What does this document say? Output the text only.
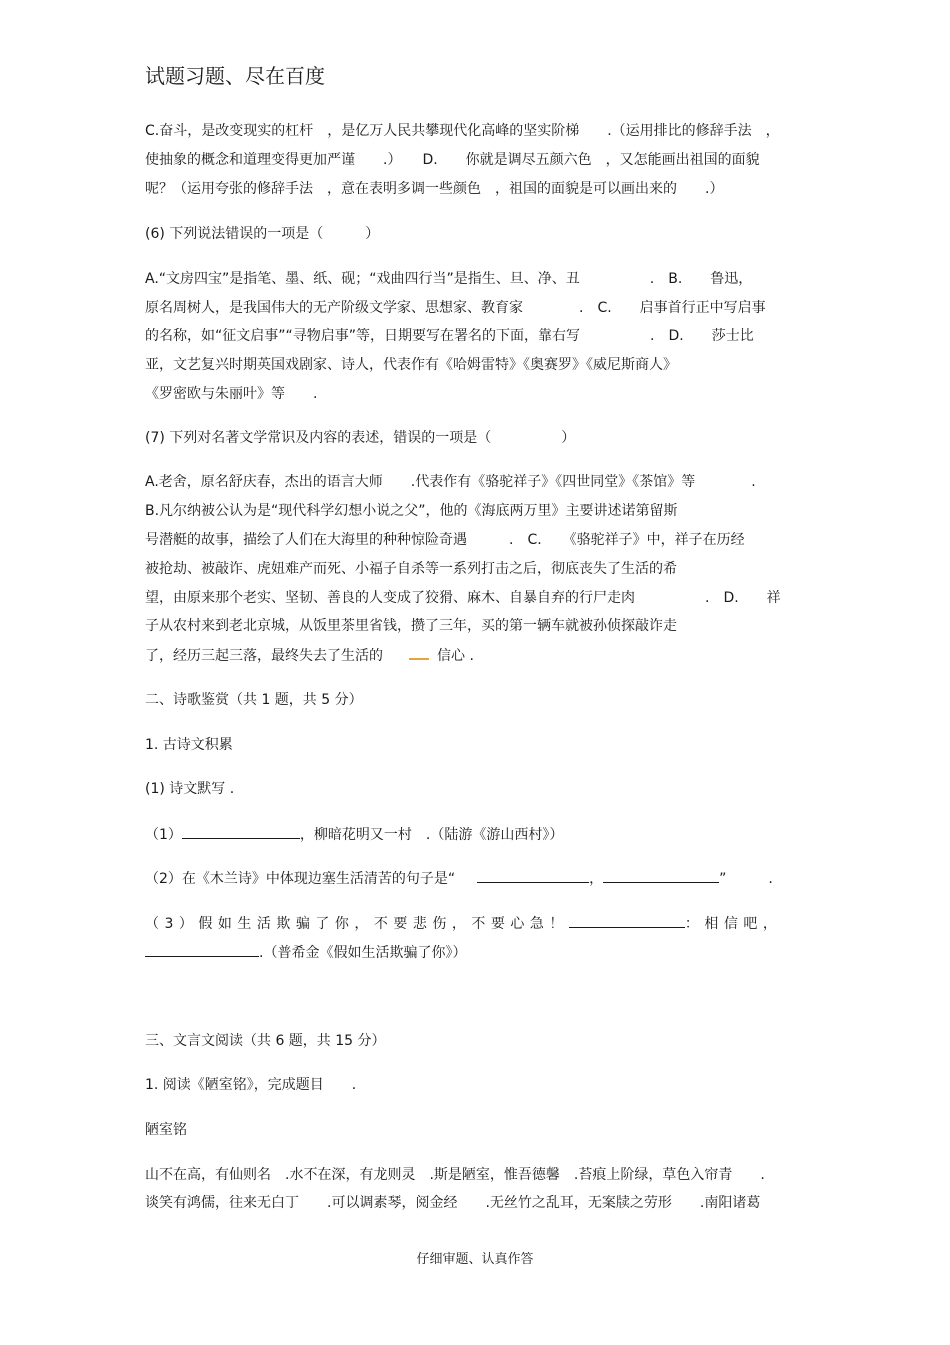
试题习题、尽在百度
C.奋斗，是改变现实的杠杆　，是亿万人民共攀现代化高峰的坚实阶梯　　.（运用排比的修辞手法　，
使抽象的概念和道理变得更加严谨　　.）　　D.　　你就是调尽五颜六色　，又怎能画出祖国的面貌
呢？（运用夸张的修辞手法　，意在表明多调一些颜色　，祖国的面貌是可以画出来的　　.）
(6) 下列说法错误的一项是（　　　）
A.“文房四宝”是指笔、墨、纸、砚；“戏曲四行当”是指生、旦、净、丑　　　　　.　B.　　鲁迅，
原名周树人，是我国伟大的无产阶级文学家、思想家、教育家　　　　.　C.　　启事首行正中写启事
的名称，如“征文启事”“寻物启事”等，日期要写在署名的下面，靠右写　　　　　.　D.　　莎士比
亚，文艺复兴时期英国戏剧家、诗人，代表作有《哈姆雷特》《奥赛罗》《威尼斯商人》
《罗密欧与朱丽叶》等　　.
(7) 下列对名著文学常识及内容的表述，错误的一项是（　　　　　）
A.老舍，原名舒庆春，杰出的语言大师　　.代表作有《骆驼祥子》《四世同堂》《茶馆》等　　　　.
B.凡尔纳被公认为是“现代科学幻想小说之父”，他的《海底两万里》主要讲述诺第留斯
号潜艇的故事，描绘了人们在大海里的种种惊险奇遇　　　.　C.　　《骆驼祥子》中，祥子在历经
被抢劫、被敲诈、虎妞难产而死、小福子自杀等一系列打击之后，彻底丧失了生活的希
望，由原来那个老实、坚韧、善良的人变成了狡猾、麻木、自暴自弃的行尸走肉　　　　　.　D.　　祥
子从农村来到老北京城，从饭里茶里省钱，攒了三年，买的第一辆车就被孙侦探敲诈走
了，经历三起三落，最终失去了生活的	信心 .
二、诗歌鉴赏（共 1 题，共 5 分）
1. 古诗文积累
(1) 诗文默写 .
（1）	，柳暗花明又一村　.（陆游《游山西村》）
（2）在《木兰诗》中体现边塞生活清苦的句子是“	，	”　　　.
（3）假如生活欺骗了你，不要悲伤，不要心急！	：相信吧，
.（普希金《假如生活欺骗了你》）
三、文言文阅读（共 6 题，共 15 分）
1. 阅读《陋室铭》，完成题目　　.
陋室铭
山不在高，有仙则名　.水不在深，有龙则灵　.斯是陋室，惟吾德馨　.苔痕上阶绿，草色入帘青　　.
谈笑有鸿儒，往来无白丁　　.可以调素琴，阅金经　　.无丝竹之乱耳，无案牍之劳形　　.南阳诸葛
仔细审题、认真作答
